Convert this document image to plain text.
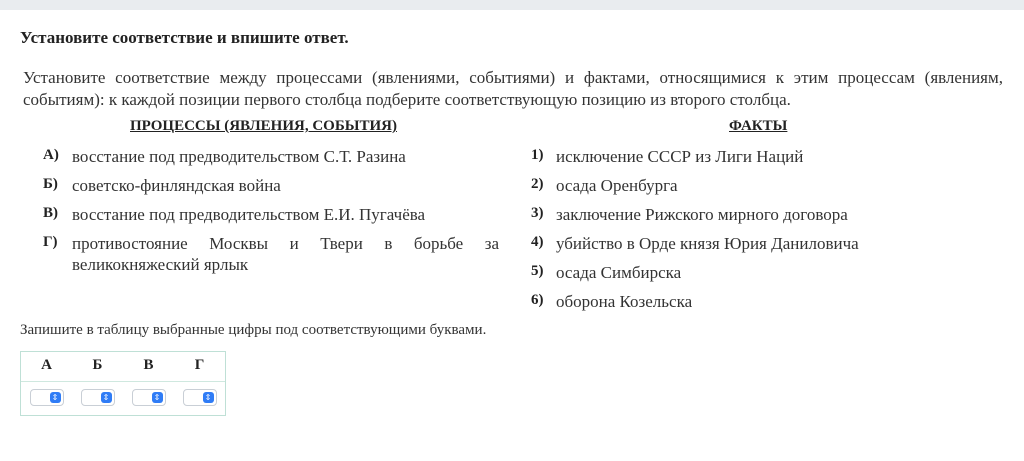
Установите соответствие и впишите ответ.
Установите соответствие между процессами (явлениями, событиями) и фактами, относящимися к этим процессам (явлениям, событиям): к каждой позиции первого столбца подберите соответствующую позицию из второго столбца.
ПРОЦЕССЫ (ЯВЛЕНИЯ, СОБЫТИЯ)	ФАКТЫ
А) восстание под предводительством С.Т. Разина
Б) советско-финляндская война
В) восстание под предводительством Е.И. Пугачёва
Г) противостояние Москвы и Твери в борьбе за великокняжеский ярлык
1) исключение СССР из Лиги Наций
2) осада Оренбурга
3) заключение Рижского мирного договора
4) убийство в Орде князя Юрия Даниловича
5) осада Симбирска
6) оборона Козельска
Запишите в таблицу выбранные цифры под соответствующими буквами.
А	Б	В	Г
⇕	⇕	⇕	⇕
